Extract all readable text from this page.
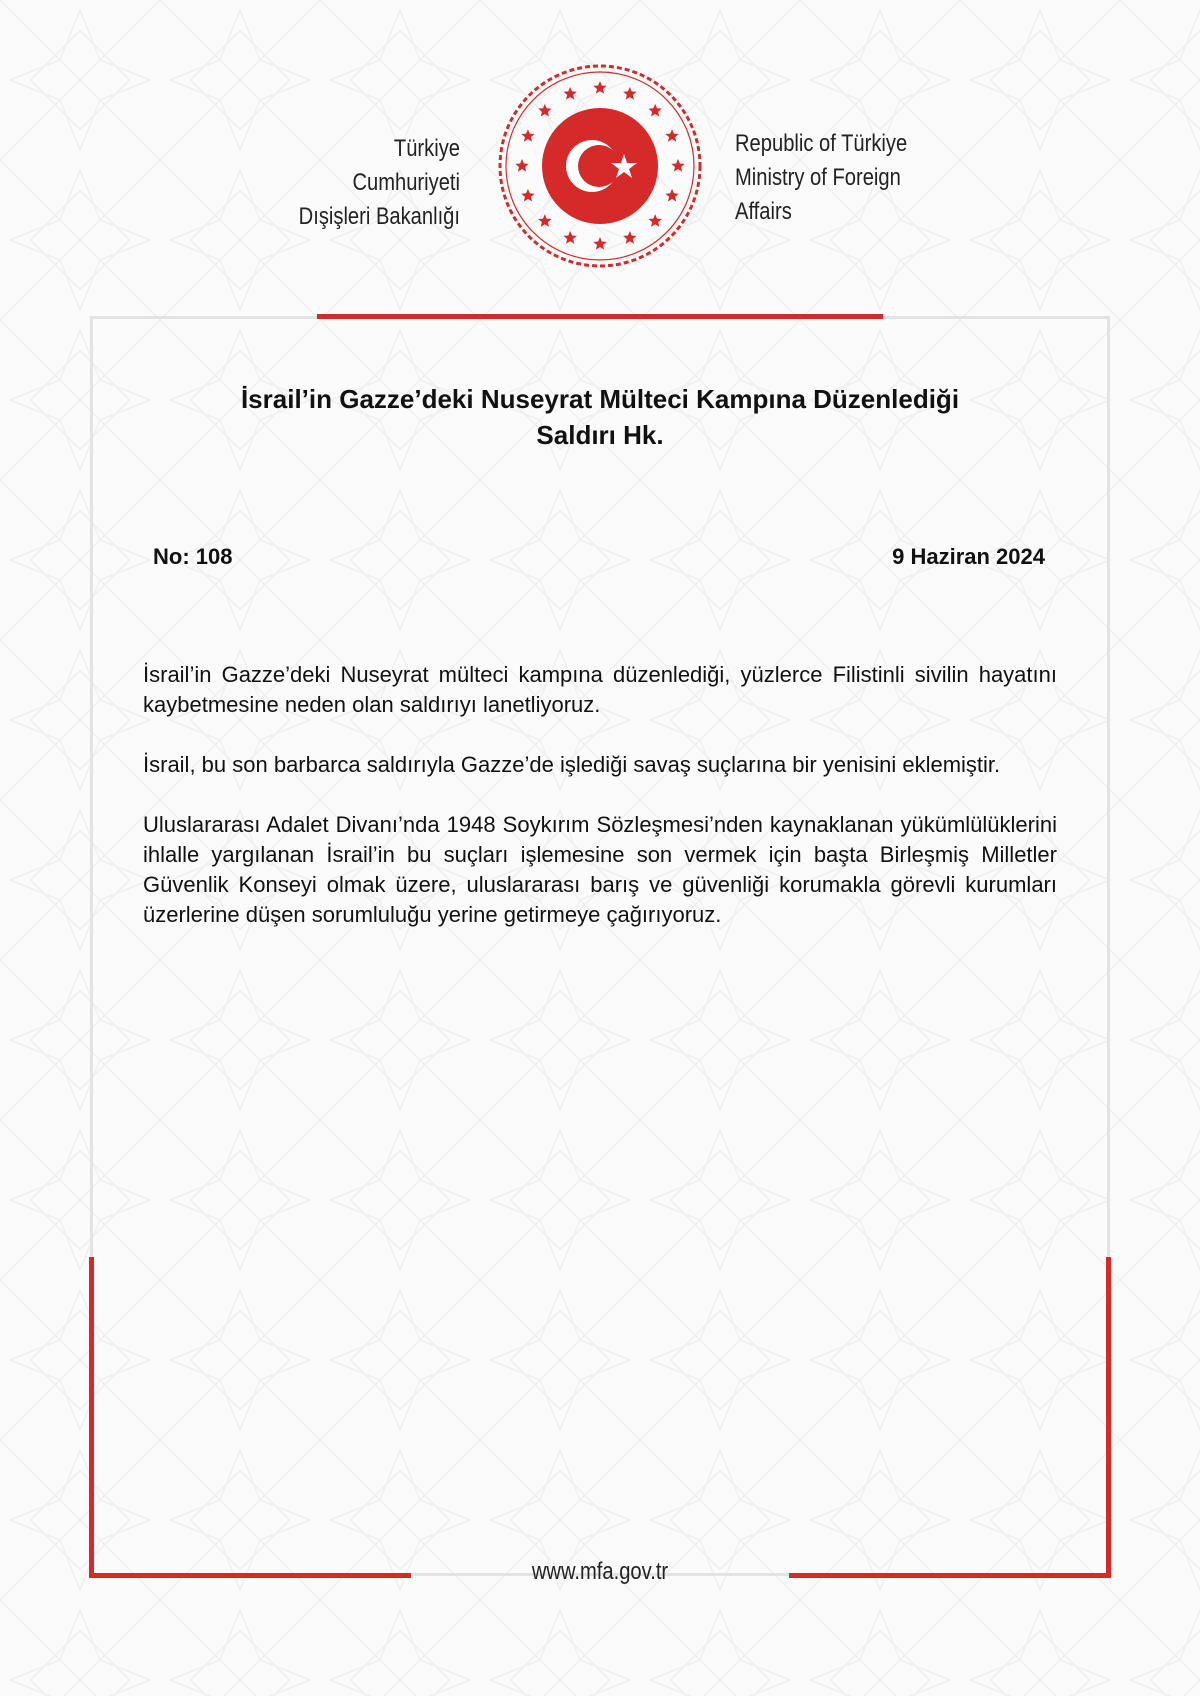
Türkiye Cumhuriyeti
Dışişleri Bakanlığı
Republic of Türkiye
Ministry of Foreign Affairs
İsrail’in Gazze’deki Nuseyrat Mülteci Kampına Düzenlediği
Saldırı Hk.
No: 108	9 Haziran 2024

İsrail’in Gazze’deki Nuseyrat mülteci kampına düzenlediği, yüzlerce Filistinli sivilin hayatını kaybetmesine neden olan saldırıyı lanetliyoruz.

İsrail, bu son barbarca saldırıyla Gazze’de işlediği savaş suçlarına bir yenisini eklemiştir.

Uluslararası Adalet Divanı’nda 1948 Soykırım Sözleşmesi’nden kaynaklanan yükümlülüklerini ihlalle yargılanan İsrail’in bu suçları işlemesine son vermek için başta Birleşmiş Milletler Güvenlik Konseyi olmak üzere, uluslararası barış ve güvenliği korumakla görevli kurumları üzerlerine düşen sorumluluğu yerine getirmeye çağırıyoruz.

www.mfa.gov.tr
